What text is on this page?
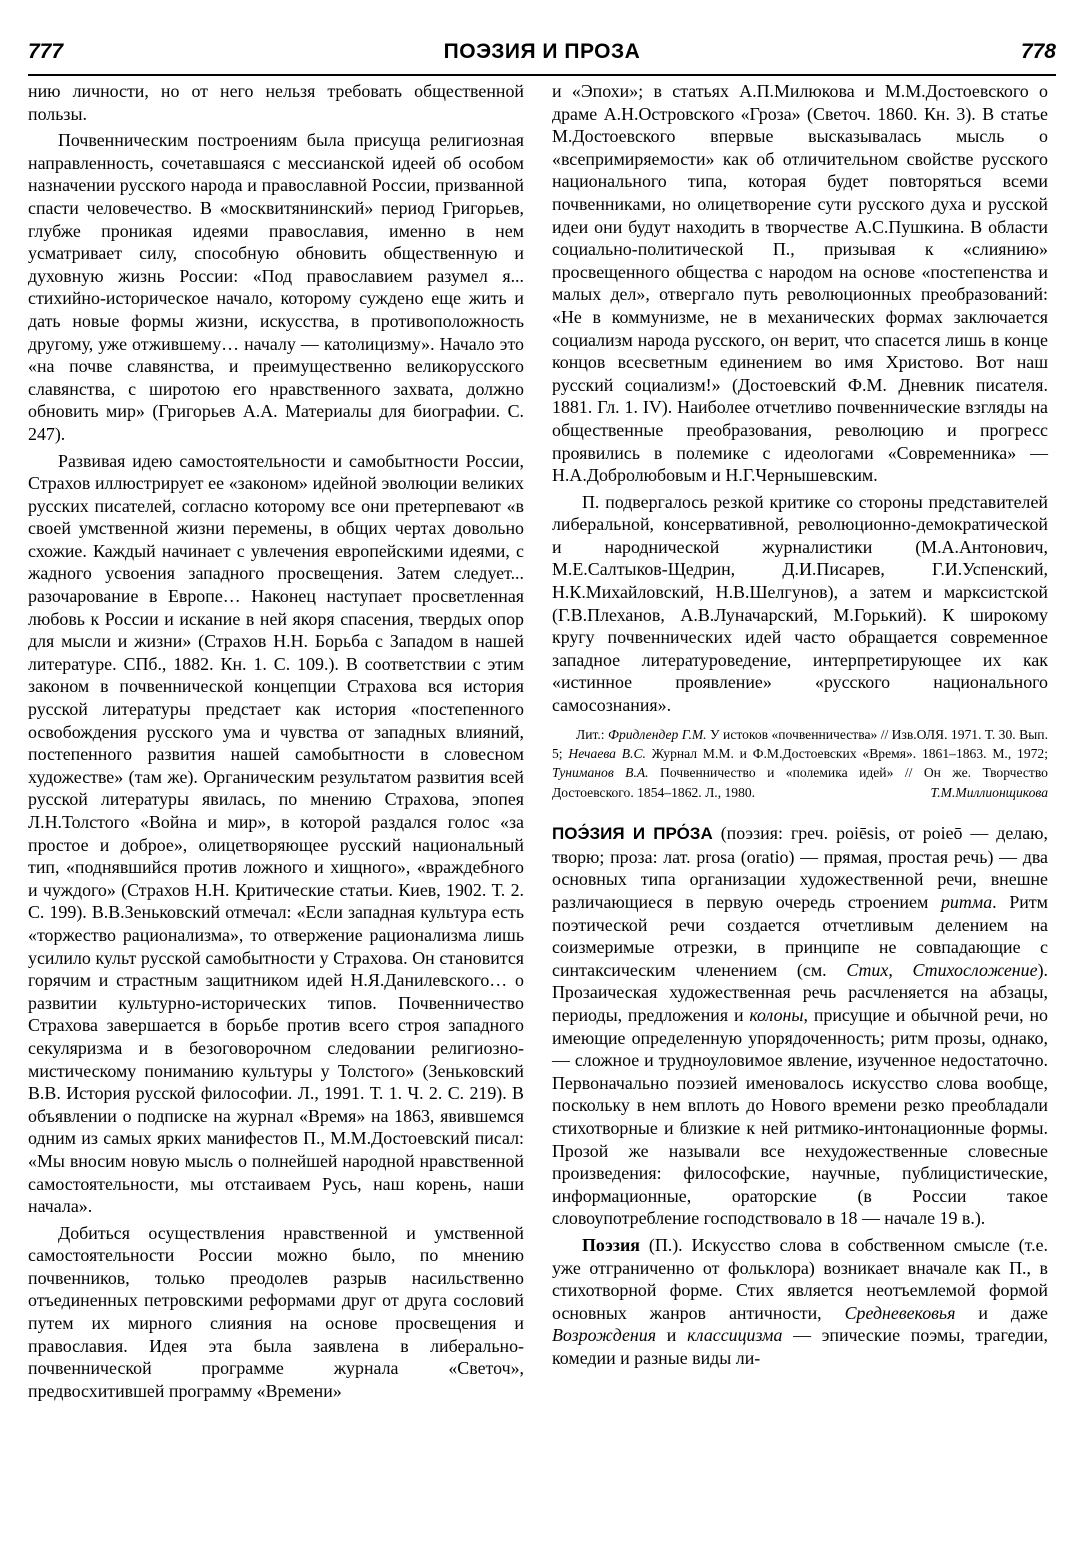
777	ПОЭЗИЯ И ПРОЗА	778

нию личности, но от него нельзя требовать общественной пользы.

Почвенническим построениям была присуща религиозная направленность, сочетавшаяся с мессианской идеей об особом назначении русского народа и православной России, призванной спасти человечество. В «москвитянинский» период Григорьев, глубже проникая идеями православия, именно в нем усматривает силу, способную обновить общественную и духовную жизнь России: «Под православием разумел я... стихийно-историческое начало, которому суждено еще жить и дать новые формы жизни, искусства, в противоположность другому, уже отжившему… началу — католицизму». Начало это «на почве славянства, и преимущественно великорусского славянства, с широтою его нравственного захвата, должно обновить мир» (Григорьев А.А. Материалы для биографии. С. 247).

Развивая идею самостоятельности и самобытности России, Страхов иллюстрирует ее «законом» идейной эволюции великих русских писателей, согласно которому все они претерпевают «в своей умственной жизни перемены, в общих чертах довольно схожие. Каждый начинает с увлечения европейскими идеями, с жадного усвоения западного просвещения. Затем следует... разочарование в Европе… Наконец наступает просветленная любовь к России и искание в ней якоря спасения, твердых опор для мысли и жизни» (Страхов Н.Н. Борьба с Западом в нашей литературе. СПб., 1882. Кн. 1. С. 109.). В соответствии с этим законом в почвеннической концепции Страхова вся история русской литературы предстает как история «постепенного освобождения русского ума и чувства от западных влияний, постепенного развития нашей самобытности в словесном художестве» (там же). Органическим результатом развития всей русской литературы явилась, по мнению Страхова, эпопея Л.Н.Толстого «Война и мир», в которой раздался голос «за простое и доброе», олицетворяющее русский национальный тип, «поднявшийся против ложного и хищного», «враждебного и чуждого» (Страхов Н.Н. Критические статьи. Киев, 1902. Т. 2. С. 199). В.В.Зеньковский отмечал: «Если западная культура есть «торжество рационализма», то отвержение рационализма лишь усилило культ русской самобытности у Страхова. Он становится горячим и страстным защитником идей Н.Я.Данилевского… о развитии культурно-исторических типов. Почвенничество Страхова завершается в борьбе против всего строя западного секуляризма и в безоговорочном следовании религиозно-мистическому пониманию культуры у Толстого» (Зеньковский В.В. История русской философии. Л., 1991. Т. 1. Ч. 2. С. 219). В объявлении о подписке на журнал «Время» на 1863, явившемся одним из самых ярких манифестов П., М.М.Достоевский писал: «Мы вносим новую мысль о полнейшей народной нравственной самостоятельности, мы отстаиваем Русь, наш корень, наши начала».

Добиться осуществления нравственной и умственной самостоятельности России можно было, по мнению почвенников, только преодолев разрыв насильственно отъединенных петровскими реформами друг от друга сословий путем их мирного слияния на основе просвещения и православия. Идея эта была заявлена в либерально-почвеннической программе журнала «Светоч», предвосхитившей программу «Времени»

и «Эпохи»; в статьях А.П.Милюкова и М.М.Достоевского о драме А.Н.Островского «Гроза» (Светоч. 1860. Кн. 3). В статье М.Достоевского впервые высказывалась мысль о «всепримиряемости» как об отличительном свойстве русского национального типа, которая будет повторяться всеми почвенниками, но олицетворение сути русского духа и русской идеи они будут находить в творчестве А.С.Пушкина. В области социально-политической П., призывая к «слиянию» просвещенного общества с народом на основе «постепенства и малых дел», отвергало путь революционных преобразований: «Не в коммунизме, не в механических формах заключается социализм народа русского, он верит, что спасется лишь в конце концов всесветным единением во имя Христово. Вот наш русский социализм!» (Достоевский Ф.М. Дневник писателя. 1881. Гл. 1. IV). Наиболее отчетливо почвеннические взгляды на общественные преобразования, революцию и прогресс проявились в полемике с идеологами «Современника» — Н.А.Добролюбовым и Н.Г.Чернышевским.

П. подвергалось резкой критике со стороны представителей либеральной, консервативной, революционно-демократической и народнической журналистики (М.А.Антонович, М.Е.Салтыков-Щедрин, Д.И.Писарев, Г.И.Успенский, Н.К.Михайловский, Н.В.Шелгунов), а затем и марксистской (Г.В.Плеханов, А.В.Луначарский, М.Горький). К широкому кругу почвеннических идей часто обращается современное западное литературоведение, интерпретирующее их как «истинное проявление» «русского национального самосознания».

Лит.: Фридлендер Г.М. У истоков «почвенничества» // Изв.ОЛЯ. 1971. Т. 30. Вып. 5; Нечаева В.С. Журнал М.М. и Ф.М.Достоевских «Время». 1861–1863. М., 1972; Туниманов В.А. Почвенничество и «полемика идей» // Он же. Творчество Достоевского. 1854–1862. Л., 1980.	Т.М.Миллионщикова

ПОЭ́ЗИЯ И ПРО́ЗА (поэзия: греч. poiēsis, от poieō — делаю, творю; проза: лат. prosa (oratio) — прямая, простая речь) — два основных типа организации художественной речи, внешне различающиеся в первую очередь строением ритма. Ритм поэтической речи создается отчетливым делением на соизмеримые отрезки, в принципе не совпадающие с синтаксическим членением (см. Стих, Стихосложение). Прозаическая художественная речь расчленяется на абзацы, периоды, предложения и колоны, присущие и обычной речи, но имеющие определенную упорядоченность; ритм прозы, однако, — сложное и трудноуловимое явление, изученное недостаточно. Первоначально поэзией именовалось искусство слова вообще, поскольку в нем вплоть до Нового времени резко преобладали стихотворные и близкие к ней ритмико-интонационные формы. Прозой же называли все нехудожественные словесные произведения: философские, научные, публицистические, информационные, ораторские (в России такое словоупотребление господствовало в 18 — начале 19 в.).

Поэзия (П.). Искусство слова в собственном смысле (т.е. уже отграниченно от фольклора) возникает вначале как П., в стихотворной форме. Стих является неотъемлемой формой основных жанров античности, Средневековья и даже Возрождения и классицизма — эпические поэмы, трагедии, комедии и разные виды ли-
